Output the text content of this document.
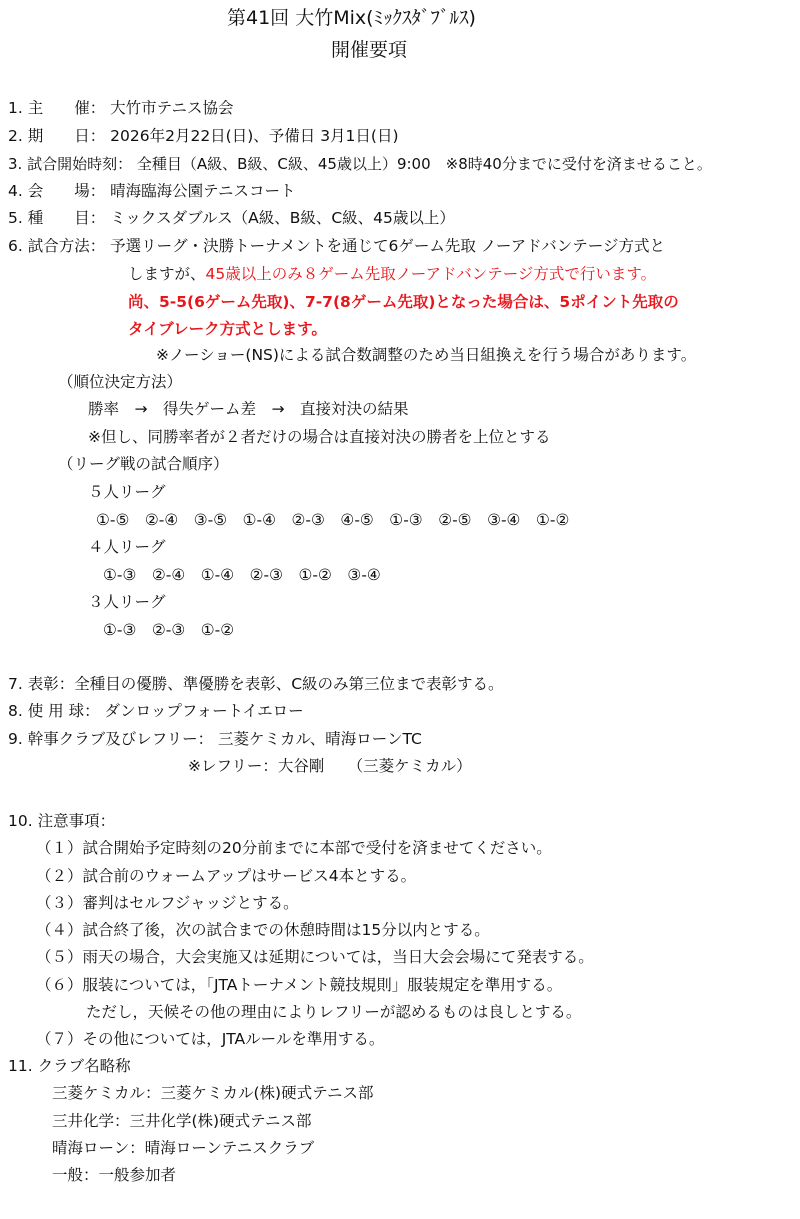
第41回 大竹Mix(ﾐｯｸｽﾀﾞﾌﾞﾙｽ)
開催要項
1. 主　　催： 大竹市テニス協会
2. 期　　日： 2026年2月22日(日)、予備日 3月1日(日)
3. 試合開始時刻： 全種目（A級、B級、C級、45歳以上）9:00　※8時40分までに受付を済ませること。
4. 会　　場： 晴海臨海公園テニスコート
5. 種　　目： ミックスダブルス（A級、B級、C級、45歳以上）
6. 試合方法： 予選リーグ・決勝トーナメントを通じて6ゲーム先取 ノーアドバンテージ方式と
しますが、45歳以上のみ８ゲーム先取ノーアドバンテージ方式で行います。
尚、5-5(6ゲーム先取)、7-7(8ゲーム先取)となった場合は、5ポイント先取の
タイブレーク方式とします。
※ノーショー(NS)による試合数調整のため当日組換えを行う場合があります。
（順位決定方法）
勝率　→　得失ゲーム差　→　直接対決の結果
※但し、同勝率者が２者だけの場合は直接対決の勝者を上位とする
（リーグ戦の試合順序）
５人リーグ
①-⑤　②-④　③-⑤　①-④　②-③　④-⑤　①-③　②-⑤　③-④　①-②
４人リーグ
①-③　②-④　①-④　②-③　①-②　③-④
３人リーグ
①-③　②-③　①-②
7. 表彰：全種目の優勝、準優勝を表彰、C級のみ第三位まで表彰する。
8. 使 用 球： ダンロップフォートイエロー
9. 幹事クラブ及びレフリー： 三菱ケミカル、晴海ローンTC
※レフリー：大谷剛　　（三菱ケミカル）
10. 注意事項：
（１）試合開始予定時刻の20分前までに本部で受付を済ませてください。
（２）試合前のウォームアップはサービス4本とする。
（３）審判はセルフジャッジとする。
（４）試合終了後，次の試合までの休憩時間は15分以内とする。
（５）雨天の場合，大会実施又は延期については，当日大会会場にて発表する。
（６）服装については，「JTAトーナメント競技規則」服装規定を準用する。
ただし，天候その他の理由によりレフリーが認めるものは良しとする。
（７）その他については，JTAルールを準用する。
11. クラブ名略称
三菱ケミカル：三菱ケミカル(株)硬式テニス部
三井化学：三井化学(株)硬式テニス部
晴海ローン：晴海ローンテニスクラブ
一般：一般参加者
